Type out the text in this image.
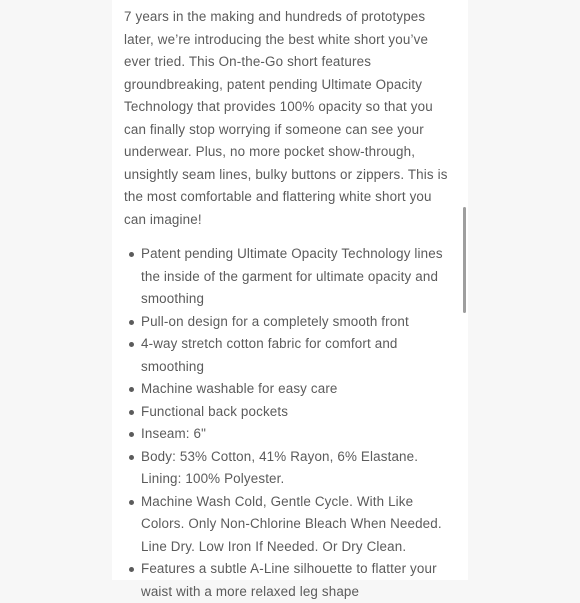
7 years in the making and hundreds of prototypes later, we’re introducing the best white short you’ve ever tried. This On-the-Go short features groundbreaking, patent pending Ultimate Opacity Technology that provides 100% opacity so that you can finally stop worrying if someone can see your underwear. Plus, no more pocket show-through, unsightly seam lines, bulky buttons or zippers. This is the most comfortable and flattering white short you can imagine!

Patent pending Ultimate Opacity Technology lines the inside of the garment for ultimate opacity and smoothing
Pull-on design for a completely smooth front
4-way stretch cotton fabric for comfort and smoothing
Machine washable for easy care
Functional back pockets
Inseam: 6"
Body: 53% Cotton, 41% Rayon, 6% Elastane. Lining: 100% Polyester.
Machine Wash Cold, Gentle Cycle. With Like Colors. Only Non-Chlorine Bleach When Needed. Line Dry. Low Iron If Needed. Or Dry Clean.
Features a subtle A-Line silhouette to flatter your waist with a more relaxed leg shape
